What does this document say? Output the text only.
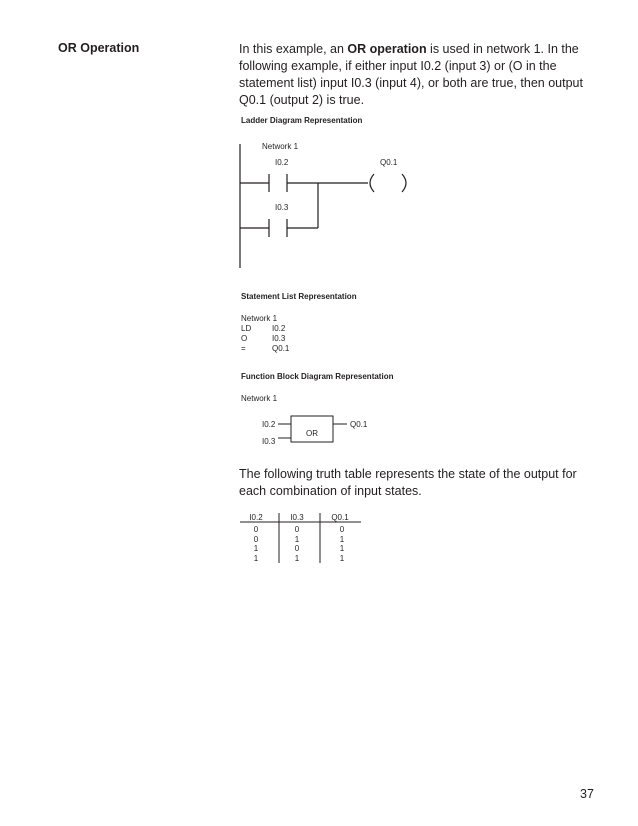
OR Operation	In this example, an OR operation is used in network 1. In the following example, if either input I0.2 (input 3) or (O in the statement list) input I0.3 (input 4), or both are true, then output Q0.1 (output 2) is true.
Ladder Diagram Representation
Network 1
I0.2	Q0.1
I0.3
Statement List Representation
Network 1
LD	I0.2
O	I0.3
=	Q0.1
Function Block Diagram Representation
Network 1
I0.2
I0.3
Q0.1
OR
The following truth table represents the state of the output for each combination of input states.
I0.2	I0.3	Q0.1
0	0	0
0	1	1
1	0	1
1	1	1
37
